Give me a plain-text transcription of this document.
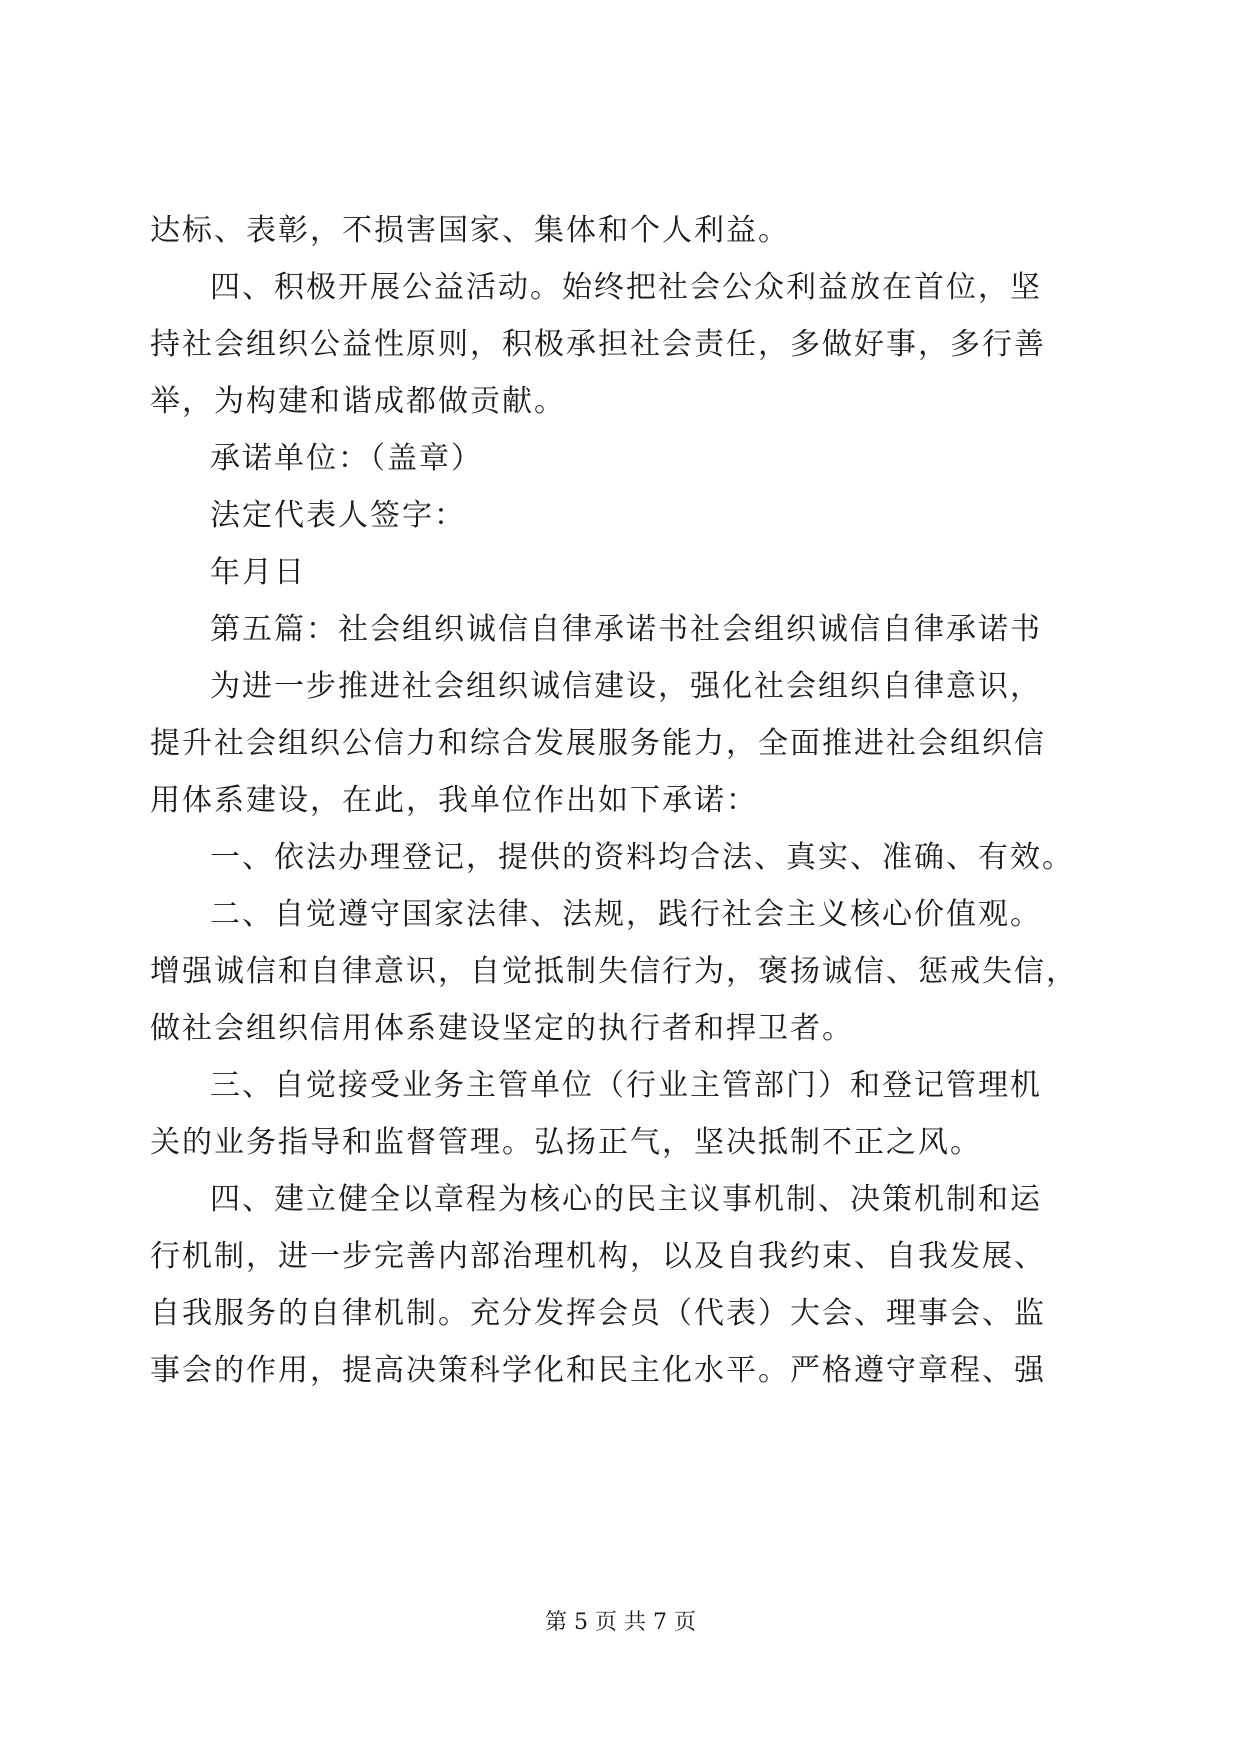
达标、表彰，不损害国家、集体和个人利益。
四、积极开展公益活动。始终把社会公众利益放在首位，坚
持社会组织公益性原则，积极承担社会责任，多做好事，多行善
举，为构建和谐成都做贡献。
承诺单位：（盖章）
法定代表人签字：
年月日
第五篇：社会组织诚信自律承诺书社会组织诚信自律承诺书
为进一步推进社会组织诚信建设，强化社会组织自律意识，
提升社会组织公信力和综合发展服务能力，全面推进社会组织信
用体系建设，在此，我单位作出如下承诺：
一、依法办理登记，提供的资料均合法、真实、准确、有效。
二、自觉遵守国家法律、法规，践行社会主义核心价值观。
增强诚信和自律意识，自觉抵制失信行为，褒扬诚信、惩戒失信，
做社会组织信用体系建设坚定的执行者和捍卫者。
三、自觉接受业务主管单位（行业主管部门）和登记管理机
关的业务指导和监督管理。弘扬正气，坚决抵制不正之风。
四、建立健全以章程为核心的民主议事机制、决策机制和运
行机制，进一步完善内部治理机构，以及自我约束、自我发展、
自我服务的自律机制。充分发挥会员（代表）大会、理事会、监
事会的作用，提高决策科学化和民主化水平。严格遵守章程、强
第 5 页 共 7 页
